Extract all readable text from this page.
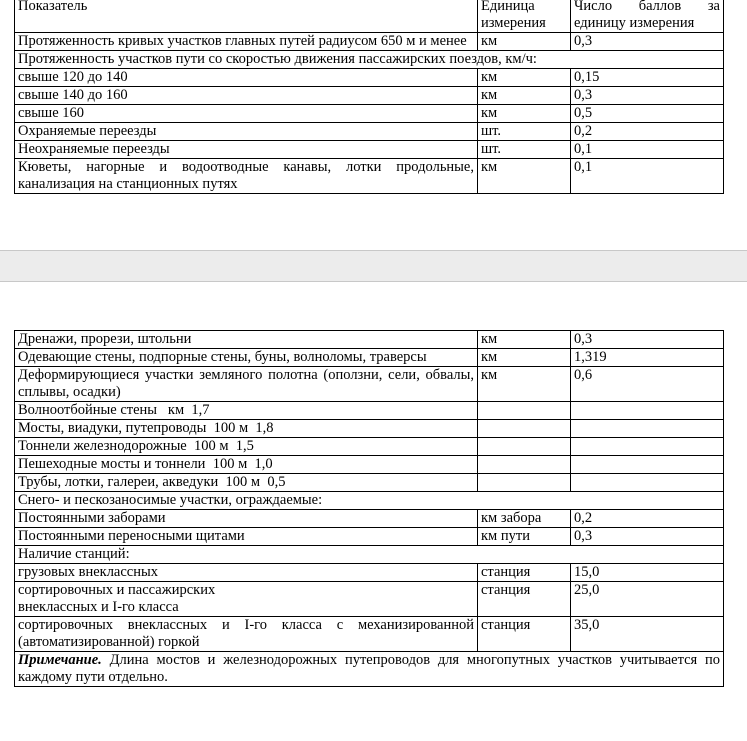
Показатель	Единица измерения	Число баллов за единицу измерения
Протяженность кривых участков главных путей радиусом 650 м и менее	км	0,3
Протяженность участков пути со скоростью движения пассажирских поездов, км/ч:		
свыше 120 до 140	км	0,15
свыше 140 до 160	км	0,3
свыше 160	км	0,5
Охраняемые переезды	шт.	0,2
Неохраняемые переезды	шт.	0,1
Кюветы, нагорные и водоотводные канавы, лотки продольные, канализация на станционных путях	км	0,1
Дренажи, прорези, штольни	км	0,3
Одевающие стены, подпорные стены, буны, волноломы, траверсы	км	1,319
Деформирующиеся участки земляного полотна (оползни, сели, обвалы, сплывы, осадки)	км	0,6
Волноотбойные стены   км  1,7		
Мосты, виадуки, путепроводы  100 м  1,8		
Тоннели железнодорожные  100 м  1,5		
Пешеходные мосты и тоннели  100 м  1,0		
Трубы, лотки, галереи, акведуки  100 м  0,5		
Снего- и пескозаносимые участки, ограждаемые:		
Постоянными заборами	км забора	0,2
Постоянными переносными щитами	км пути	0,3
Наличие станций:		
грузовых внеклассных	станция	15,0
сортировочных и пассажирских
внеклассных и I-го класса	станция	25,0
сортировочных внеклассных и I-го класса с механизированной (автоматизированной) горкой	станция	35,0
Примечание. Длина мостов и железнодорожных путепроводов для многопутных участков учитывается по каждому пути отдельно.		
